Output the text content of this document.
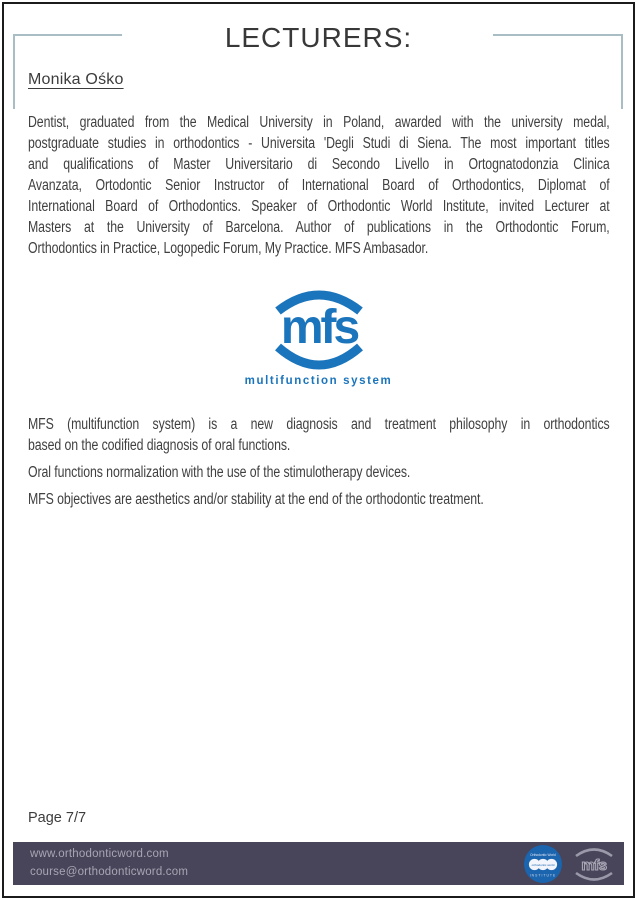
LECTURERS:
Monika Ośko
Dentist, graduated from the Medical University in Poland, awarded with the university medal,
postgraduate studies in orthodontics - Universita 'Degli Studi di Siena. The most important titles
and qualifications of Master Universitario di Secondo Livello in Ortognatodonzia Clinica
Avanzata, Ortodontic Senior Instructor of International Board of Orthodontics, Diplomat of
International Board of Orthodontics. Speaker of Orthodontic World Institute, invited Lecturer at
Masters at the University of Barcelona. Author of publications in the Orthodontic Forum,
Orthodontics in Practice, Logopedic Forum, My Practice. MFS Ambasador.
mfs
multifunction system
MFS (multifunction system) is a new diagnosis and treatment philosophy in orthodontics
based on the codified diagnosis of oral functions.
Oral functions normalization with the use of the stimulotherapy devices.
MFS objectives are aesthetics and/or stability at the end of the orthodontic treatment.
Page 7/7
www.orthodonticword.com
course@orthodonticword.com
Orthodontic World
orthodontic world
INSTITUTE
mfs
